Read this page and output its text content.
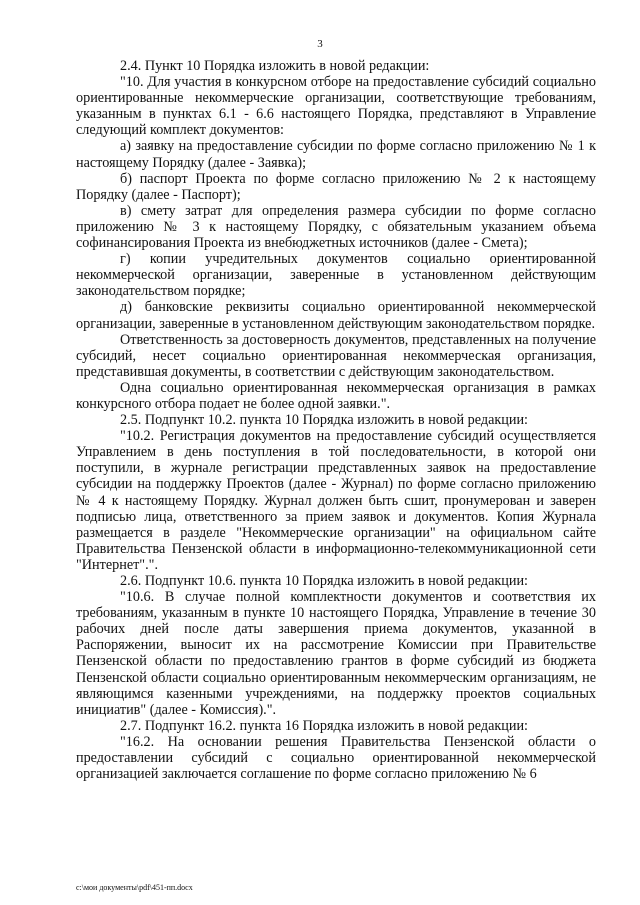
3

2.4. Пункт 10 Порядка изложить в новой редакции:

"10. Для участия в конкурсном отборе на предоставление субсидий социально ориентированные некоммерческие организации, соответствующие требованиям, указанным в пунктах 6.1 - 6.6 настоящего Порядка, представляют в Управление следующий комплект документов:

а) заявку на предоставление субсидии по форме согласно приложению № 1 к настоящему Порядку (далее - Заявка);

б) паспорт Проекта по форме согласно приложению № 2 к настоящему Порядку (далее - Паспорт);

в) смету затрат для определения размера субсидии по форме согласно приложению № 3 к настоящему Порядку, с обязательным указанием объема софинансирования Проекта из внебюджетных источников (далее - Смета);

г) копии учредительных документов социально ориентированной некоммерческой организации, заверенные в установленном действующим законодательством порядке;

д) банковские реквизиты социально ориентированной некоммерческой организации, заверенные в установленном действующим законодательством порядке.

Ответственность за достоверность документов, представленных на получение субсидий, несет социально ориентированная некоммерческая организация, представившая документы, в соответствии с действующим законодательством.

Одна социально ориентированная некоммерческая организация в рамках конкурсного отбора подает не более одной заявки.".

2.5. Подпункт 10.2. пункта 10 Порядка изложить в новой редакции:

"10.2. Регистрация документов на предоставление субсидий осуществляется Управлением в день поступления в той последовательности, в которой они поступили, в журнале регистрации представленных заявок на предоставление субсидии на поддержку Проектов (далее - Журнал) по форме согласно приложению № 4 к настоящему Порядку. Журнал должен быть сшит, пронумерован и заверен подписью лица, ответственного за прием заявок и документов. Копия Журнала размещается в разделе "Некоммерческие организации" на официальном сайте Правительства Пензенской области в информационно-телекоммуникационной сети "Интернет".".

2.6. Подпункт 10.6. пункта 10 Порядка изложить в новой редакции:

"10.6. В случае полной комплектности документов и соответствия их требованиям, указанным в пункте 10 настоящего Порядка, Управление в течение 30 рабочих дней после даты завершения приема документов, указанной в Распоряжении, выносит их на рассмотрение Комиссии при Правительстве Пензенской области по предоставлению грантов в форме субсидий из бюджета Пензенской области социально ориентированным некоммерческим организациям, не являющимся казенными учреждениями, на поддержку проектов социальных инициатив" (далее - Комиссия).".

2.7. Подпункт 16.2. пункта 16 Порядка изложить в новой редакции:

"16.2. На основании решения Правительства Пензенской области о предоставлении субсидий с социально ориентированной некоммерческой организацией заключается соглашение по форме согласно приложению № 6

c:\мои документы\pdf\451-пп.docx
